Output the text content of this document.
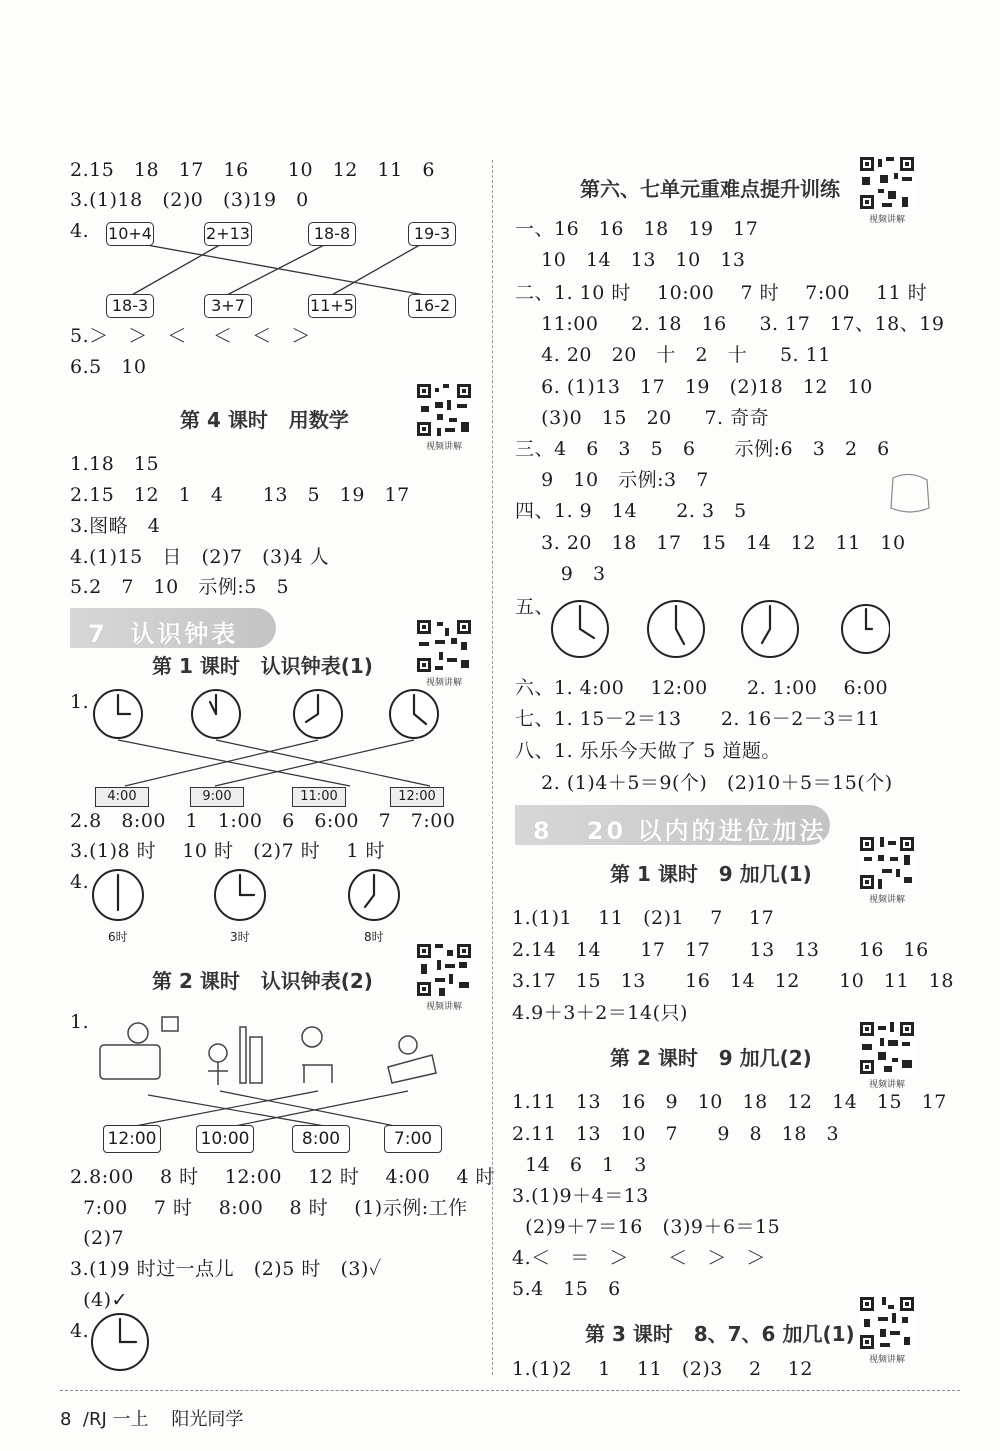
2.15   18   17   16      10   12   11   6
3.(1)18   (2)0   (3)19   0
4. 10+4	2+13	18-8	19-3
18-3	3+7	11+5	16-2
5.＞   ＞   ＜    ＜   ＜   ＞
6.5   10
第 4 课时   用数学
视频讲解
1.18   15
2.15   12   1   4      13   5   19   17
3.图略   4
4.(1)15   日   (2)7   (3)4 人
5.2   7   10   示例:5   5
7  认识钟表
第 1 课时   认识钟表(1)
视频讲解
1.
4:00	9:00	11:00	12:00
2.8   8:00   1   1:00   6   6:00   7   7:00
3.(1)8 时    10 时   (2)7 时    1 时
4.
6时	3时	8时
第 2 课时   认识钟表(2)
视频讲解
1.
12:00	10:00	8:00	7:00
2.8:00    8 时    12:00    12 时    4:00    4 时
7:00    7 时    8:00    8 时    (1)示例:工作
(2)7
3.(1)9 时过一点儿   (2)5 时   (3)✓
(4)✓
4.
第六、七单元重难点提升训练
视频讲解
一、16   16   18   19   17
10   14   13   10   13
二、1. 10 时    10:00    7 时    7:00    11 时
11:00     2. 18   16     3. 17   17、18、19
4. 20   20   十   2   十     5. 11
6. (1)13   17   19   (2)18   12   10
(3)0   15   20     7. 奇奇
三、4   6   3   5   6      示例:6   3   2   6
9   10   示例:3   7
四、1. 9   14      2. 3   5
3. 20   18   17   15   14   12   11   10
9   3
五、
六、1. 4:00    12:00      2. 1:00    6:00
七、1. 15－2＝13      2. 16－2－3＝11
八、1. 乐乐今天做了 5 道题。
2. (1)4＋5＝9(个)   (2)10＋5＝15(个)
8   20 以内的进位加法
第 1 课时   9 加几(1)
视频讲解
1.(1)1    11   (2)1    7    17
2.14   14      17   17      13   13      16   16
3.17   15   13      16   14   12      10   11   18
4.9＋3＋2＝14(只)
第 2 课时   9 加几(2)
视频讲解
1.11   13   16   9   10   18   12   14   15   17
2.11   13   10   7      9   8   18   3
14   6   1   3
3.(1)9＋4＝13
(2)9＋7＝16   (3)9＋6＝15
4.＜   ＝   ＞      ＜   ＞   ＞
5.4   15   6
第 3 课时   8、7、6 加几(1)
视频讲解
1.(1)2    1    11   (2)3    2    12
8  /RJ 一上    阳光同学
